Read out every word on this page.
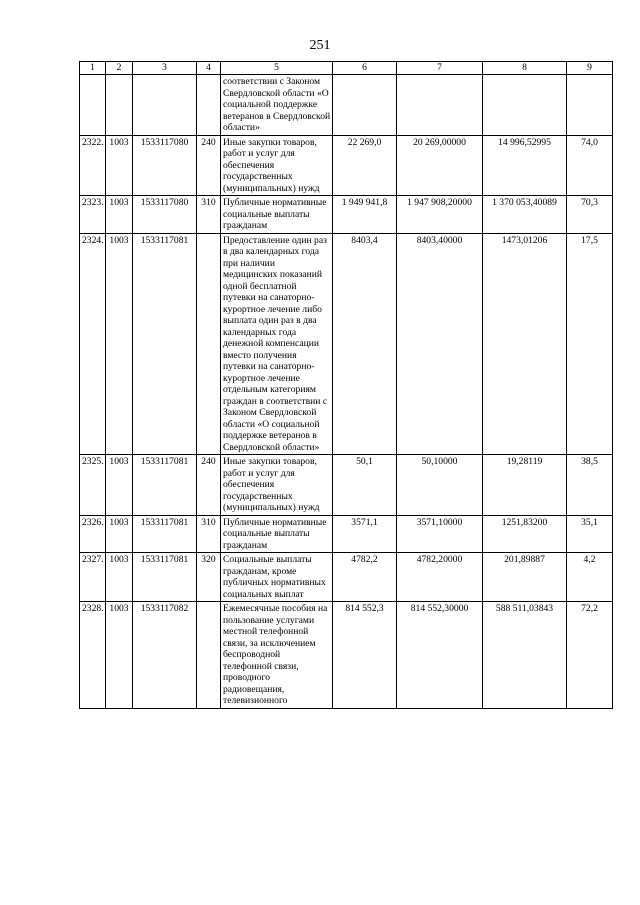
251
1	2	3	4	5	6	7	8	9
				соответствии с Законом Свердловской области «О социальной поддержке ветеранов в Свердловской области»				
2322.	1003	1533117080	240	Иные закупки товаров, работ и услуг для обеспечения государственных (муниципальных) нужд	22 269,0	20 269,00000	14 996,52995	74,0
2323.	1003	1533117080	310	Публичные нормативные социальные выплаты гражданам	1 949 941,8	1 947 908,20000	1 370 053,40089	70,3
2324.	1003	1533117081		Предоставление один раз в два календарных года при наличии медицинских показаний одной бесплатной путевки на санаторно-курортное лечение либо выплата один раз в два календарных года денежной компенсации вместо получения путевки на санаторно-курортное лечение отдельным категориям граждан в соответствии с Законом Свердловской области «О социальной поддержке ветеранов в Свердловской области»	8403,4	8403,40000	1473,01206	17,5
2325.	1003	1533117081	240	Иные закупки товаров, работ и услуг для обеспечения государственных (муниципальных) нужд	50,1	50,10000	19,28119	38,5
2326.	1003	1533117081	310	Публичные нормативные социальные выплаты гражданам	3571,1	3571,10000	1251,83200	35,1
2327.	1003	1533117081	320	Социальные выплаты гражданам, кроме публичных нормативных социальных выплат	4782,2	4782,20000	201,89887	4,2
2328.	1003	1533117082		Ежемесячные пособия на пользование услугами местной телефонной связи, за исключением беспроводной телефонной связи, проводного радиовещания, телевизионного	814 552,3	814 552,30000	588 511,03843	72,2
